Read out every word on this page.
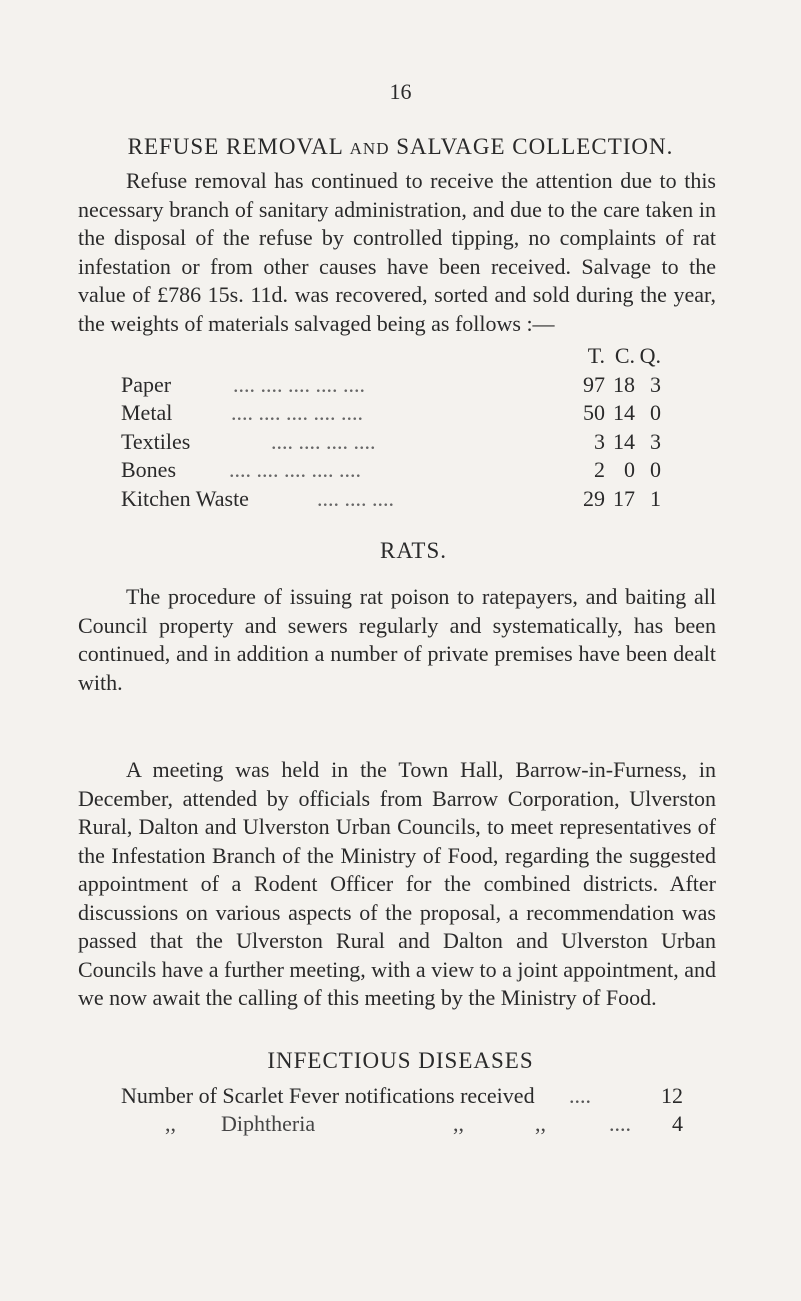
16
REFUSE REMOVAL AND SALVAGE COLLECTION.

Refuse removal has continued to receive the attention due to this necessary branch of sanitary administration, and due to the care taken in the disposal of the refuse by controlled tipping, no complaints of rat infestation or from other causes have been received. Salvage to the value of £786 15s. 11d. was recovered, sorted and sold during the year, the weights of materials salvaged being as follows :—

T. C. Q.
Paper	.... .... .... .... ....	97 18 3
Metal	.... .... .... .... ....	50 14 0
Textiles	.... .... .... ....	3 14 3
Bones .... .... .... .... ....	2 0 0
Kitchen Waste	.... .... ....	29 17 1
RATS.

The procedure of issuing rat poison to ratepayers, and baiting all Council property and sewers regularly and systematically, has been continued, and in addition a number of private premises have been dealt with.

A meeting was held in the Town Hall, Barrow-in-Furness, in December, attended by officials from Barrow Corporation, Ulverston Rural, Dalton and Ulverston Urban Councils, to meet representatives of the Infestation Branch of the Ministry of Food, regarding the suggested appointment of a Rodent Officer for the combined districts. After discussions on various aspects of the proposal, a recommendation was passed that the Ulverston Rural and Dalton and Ulverston Urban Councils have a further meeting, with a view to a joint appointment, and we now await the calling of this meeting by the Ministry of Food.

INFECTIOUS DISEASES
Number of Scarlet Fever notifications received ....	12
,, Diphtheria	,,	,,	.... 4
